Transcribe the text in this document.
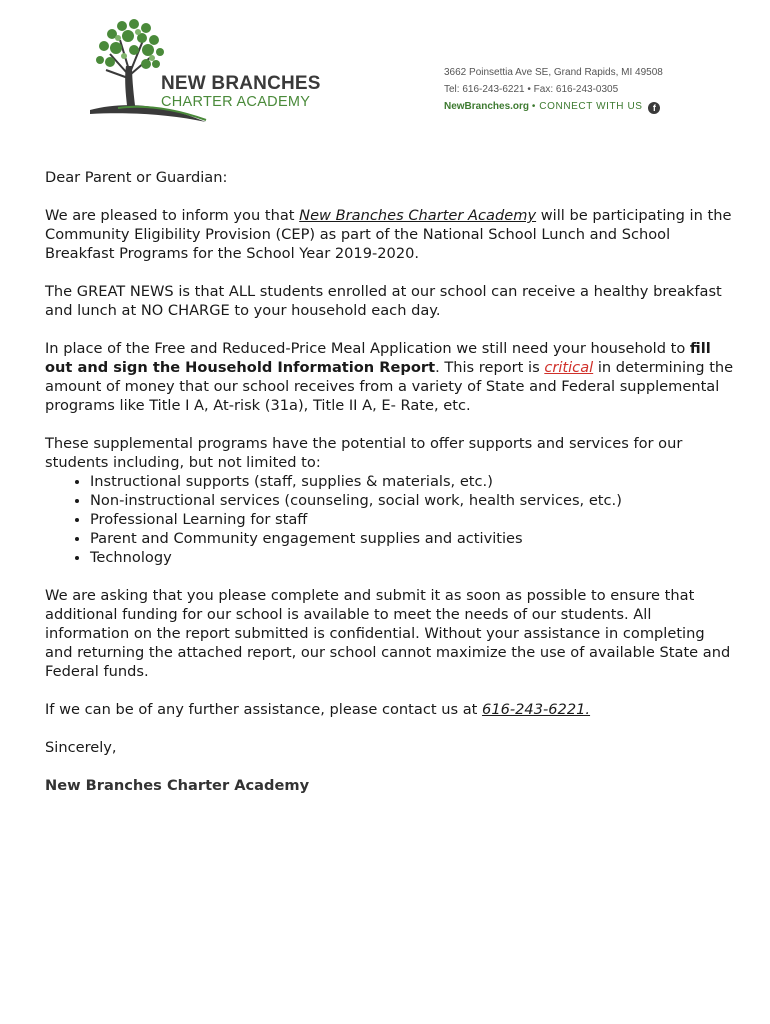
NEW BRANCHES
CHARTER ACADEMY
3662 Poinsettia Ave SE, Grand Rapids, MI 49508
Tel: 616-243-6221 • Fax: 616-243-0305
NewBranches.org • CONNECT WITH US f

Dear Parent or Guardian:

We are pleased to inform you that New Branches Charter Academy will be participating in the Community Eligibility Provision (CEP) as part of the National School Lunch and School Breakfast Programs for the School Year 2019-2020.

The GREAT NEWS is that ALL students enrolled at our school can receive a healthy breakfast and lunch at NO CHARGE to your household each day.

In place of the Free and Reduced-Price Meal Application we still need your household to fill out and sign the Household Information Report. This report is critical in determining the amount of money that our school receives from a variety of State and Federal supplemental programs like Title I A, At-risk (31a), Title II A, E- Rate, etc.

These supplemental programs have the potential to offer supports and services for our students including, but not limited to:

• Instructional supports (staff, supplies & materials, etc.)
• Non-instructional services (counseling, social work, health services, etc.)
• Professional Learning for staff
• Parent and Community engagement supplies and activities
• Technology

We are asking that you please complete and submit it as soon as possible to ensure that additional funding for our school is available to meet the needs of our students. All information on the report submitted is confidential. Without your assistance in completing and returning the attached report, our school cannot maximize the use of available State and Federal funds.

If we can be of any further assistance, please contact us at 616-243-6221.

Sincerely,

New Branches Charter Academy
